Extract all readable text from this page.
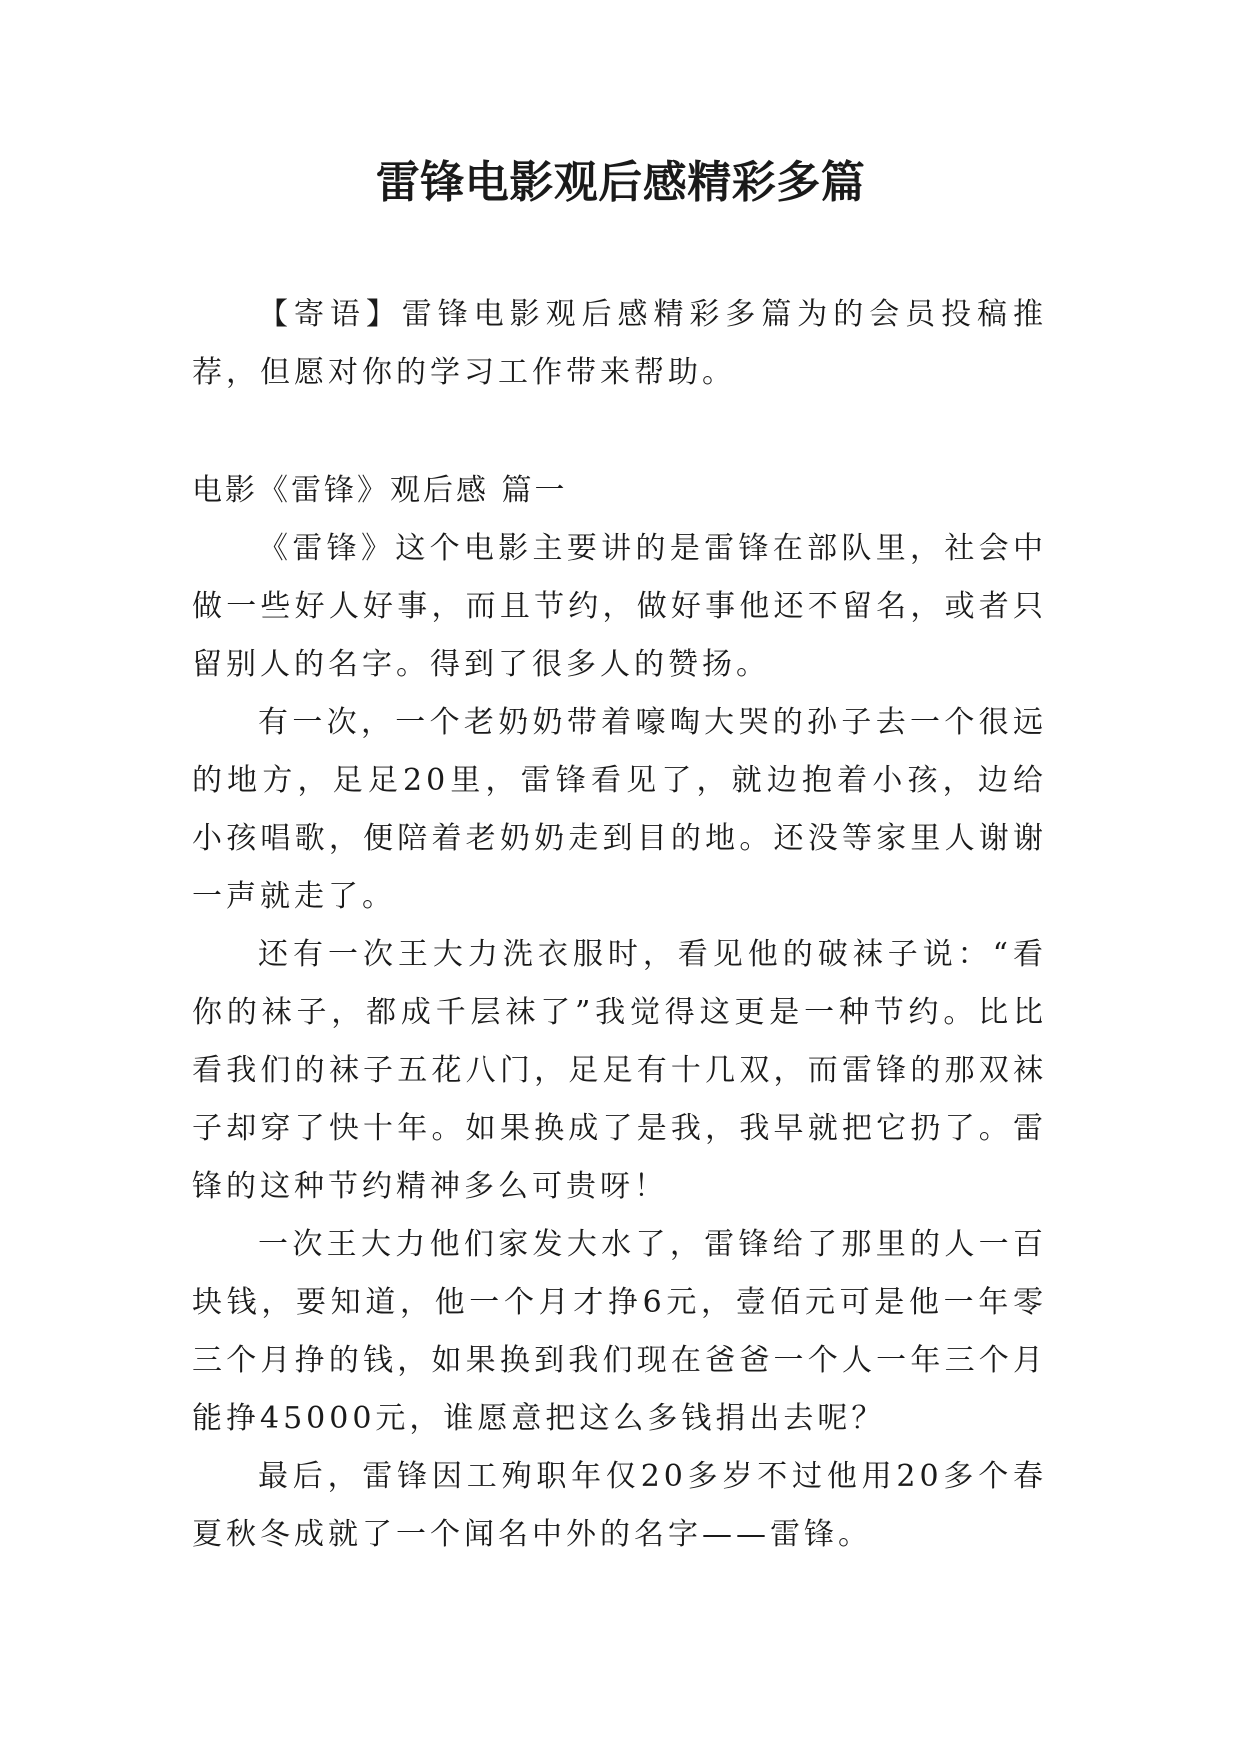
雷锋电影观后感精彩多篇

【寄语】雷锋电影观后感精彩多篇为的会员投稿推荐，但愿对你的学习工作带来帮助。

电影《雷锋》观后感 篇一

《雷锋》这个电影主要讲的是雷锋在部队里，社会中做一些好人好事，而且节约，做好事他还不留名，或者只留别人的名字。得到了很多人的赞扬。

有一次，一个老奶奶带着嚎啕大哭的孙子去一个很远的地方，足足20里，雷锋看见了，就边抱着小孩，边给小孩唱歌，便陪着老奶奶走到目的地。还没等家里人谢谢一声就走了。

还有一次王大力洗衣服时，看见他的破袜子说：“看你的袜子，都成千层袜了”我觉得这更是一种节约。比比看我们的袜子五花八门，足足有十几双，而雷锋的那双袜子却穿了快十年。如果换成了是我，我早就把它扔了。雷锋的这种节约精神多么可贵呀！

一次王大力他们家发大水了，雷锋给了那里的人一百块钱，要知道，他一个月才挣6元，壹佰元可是他一年零三个月挣的钱，如果换到我们现在爸爸一个人一年三个月能挣45000元，谁愿意把这么多钱捐出去呢？

最后，雷锋因工殉职年仅20多岁不过他用20多个春夏秋冬成就了一个闻名中外的名字——雷锋。
